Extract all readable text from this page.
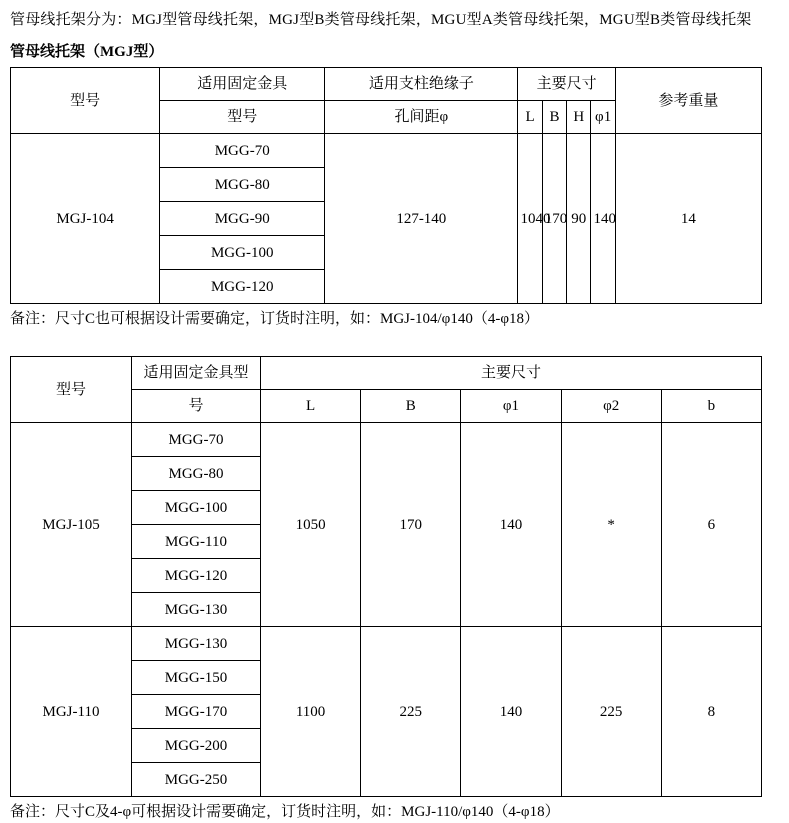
管母线托架分为：MGJ型管母线托架，MGJ型B类管母线托架，MGU型A类管母线托架，MGU型B类管母线托架

管母线托架（MGJ型）
型号	适用固定金具	适用支柱绝缘子	主要尺寸				参考重量
	型号	孔间距φ	L	B	H	φ1	
MGJ-104	MGG-70	127-140	1040	170	90	140	14
	MGG-80						
	MGG-90						
	MGG-100						
	MGG-120						

备注：尺寸C也可根据设计需要确定，订货时注明，如：MGJ-104/φ140（4-φ18）

型号	适用固定金具型	主要尺寸				
	号	L	B	φ1	φ2	b
MGJ-105	MGG-70	1050	170	140	*	6
	MGG-80					
	MGG-100					
	MGG-110					
	MGG-120					
	MGG-130					
MGJ-110	MGG-130	1100	225	140	225	8
	MGG-150					
	MGG-170					
	MGG-200					
	MGG-250					

备注：尺寸C及4-φ可根据设计需要确定，订货时注明，如：MGJ-110/φ140（4-φ18）
